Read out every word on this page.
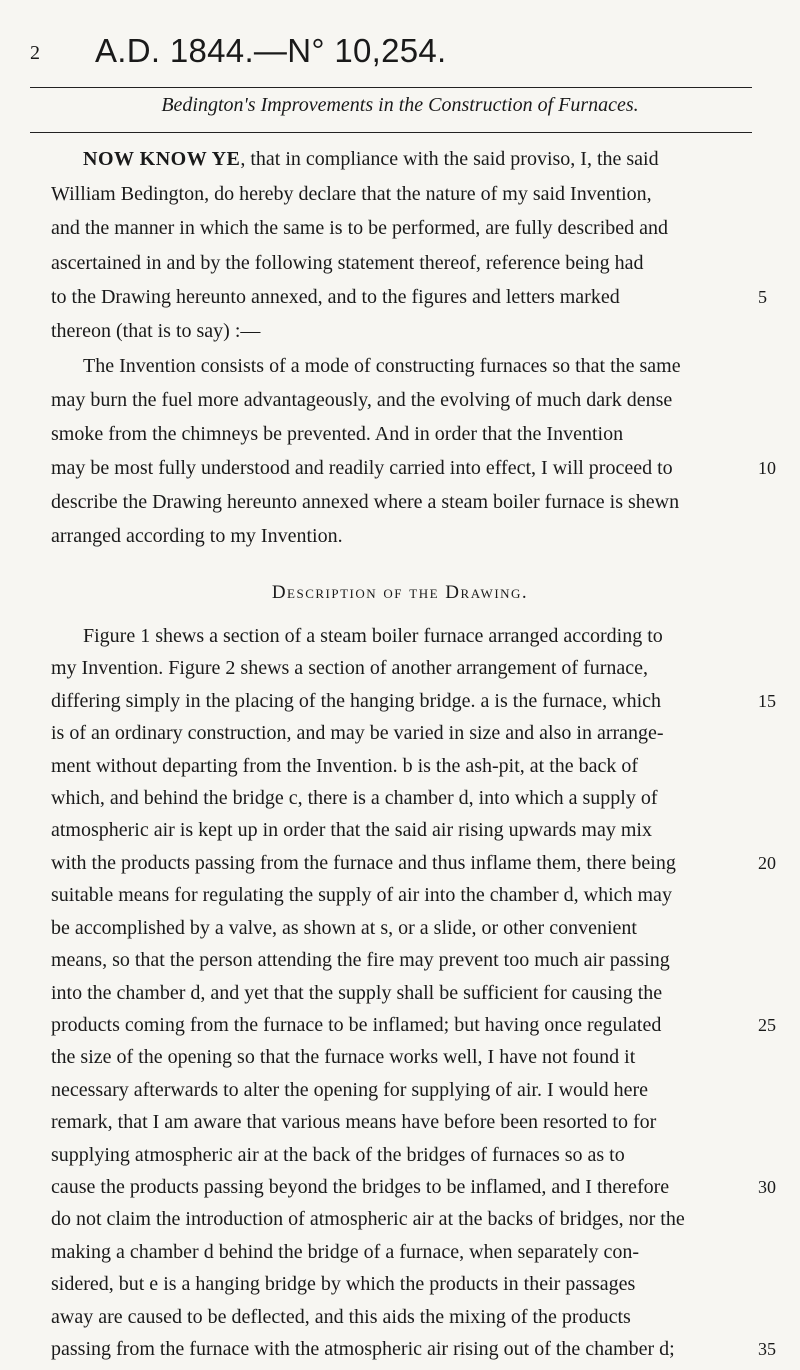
2 A.D. 1844.—N° 10,254.
Bedington's Improvements in the Construction of Furnaces.
NOW KNOW YE, that in compliance with the said proviso, I, the said
William Bedington, do hereby declare that the nature of my said Invention,
and the manner in which the same is to be performed, are fully described and
ascertained in and by the following statement thereof, reference being had
to the Drawing hereunto annexed, and to the figures and letters marked
thereon (that is to say) :—
The Invention consists of a mode of constructing furnaces so that the same
may burn the fuel more advantageously, and the evolving of much dark dense
smoke from the chimneys be prevented. And in order that the Invention
may be most fully understood and readily carried into effect, I will proceed to
describe the Drawing hereunto annexed where a steam boiler furnace is shewn
arranged according to my Invention.
Description of the Drawing.
Figure 1 shews a section of a steam boiler furnace arranged according to
my Invention. Figure 2 shews a section of another arrangement of furnace,
differing simply in the placing of the hanging bridge. a is the furnace, which
is of an ordinary construction, and may be varied in size and also in arrange-
ment without departing from the Invention. b is the ash-pit, at the back of
which, and behind the bridge c, there is a chamber d, into which a supply of
atmospheric air is kept up in order that the said air rising upwards may mix
with the products passing from the furnace and thus inflame them, there being
suitable means for regulating the supply of air into the chamber d, which may
be accomplished by a valve, as shown at s, or a slide, or other convenient
means, so that the person attending the fire may prevent too much air passing
into the chamber d, and yet that the supply shall be sufficient for causing the
products coming from the furnace to be inflamed; but having once regulated
the size of the opening so that the furnace works well, I have not found it
necessary afterwards to alter the opening for supplying of air. I would here
remark, that I am aware that various means have before been resorted to for
supplying atmospheric air at the back of the bridges of furnaces so as to
cause the products passing beyond the bridges to be inflamed, and I therefore
do not claim the introduction of atmospheric air at the backs of bridges, nor the
making a chamber d behind the bridge of a furnace, when separately con-
sidered, but e is a hanging bridge by which the products in their passages
away are caused to be deflected, and this aids the mixing of the products
passing from the furnace with the atmospheric air rising out of the chamber d;
5
10
15
20
25
30
35
